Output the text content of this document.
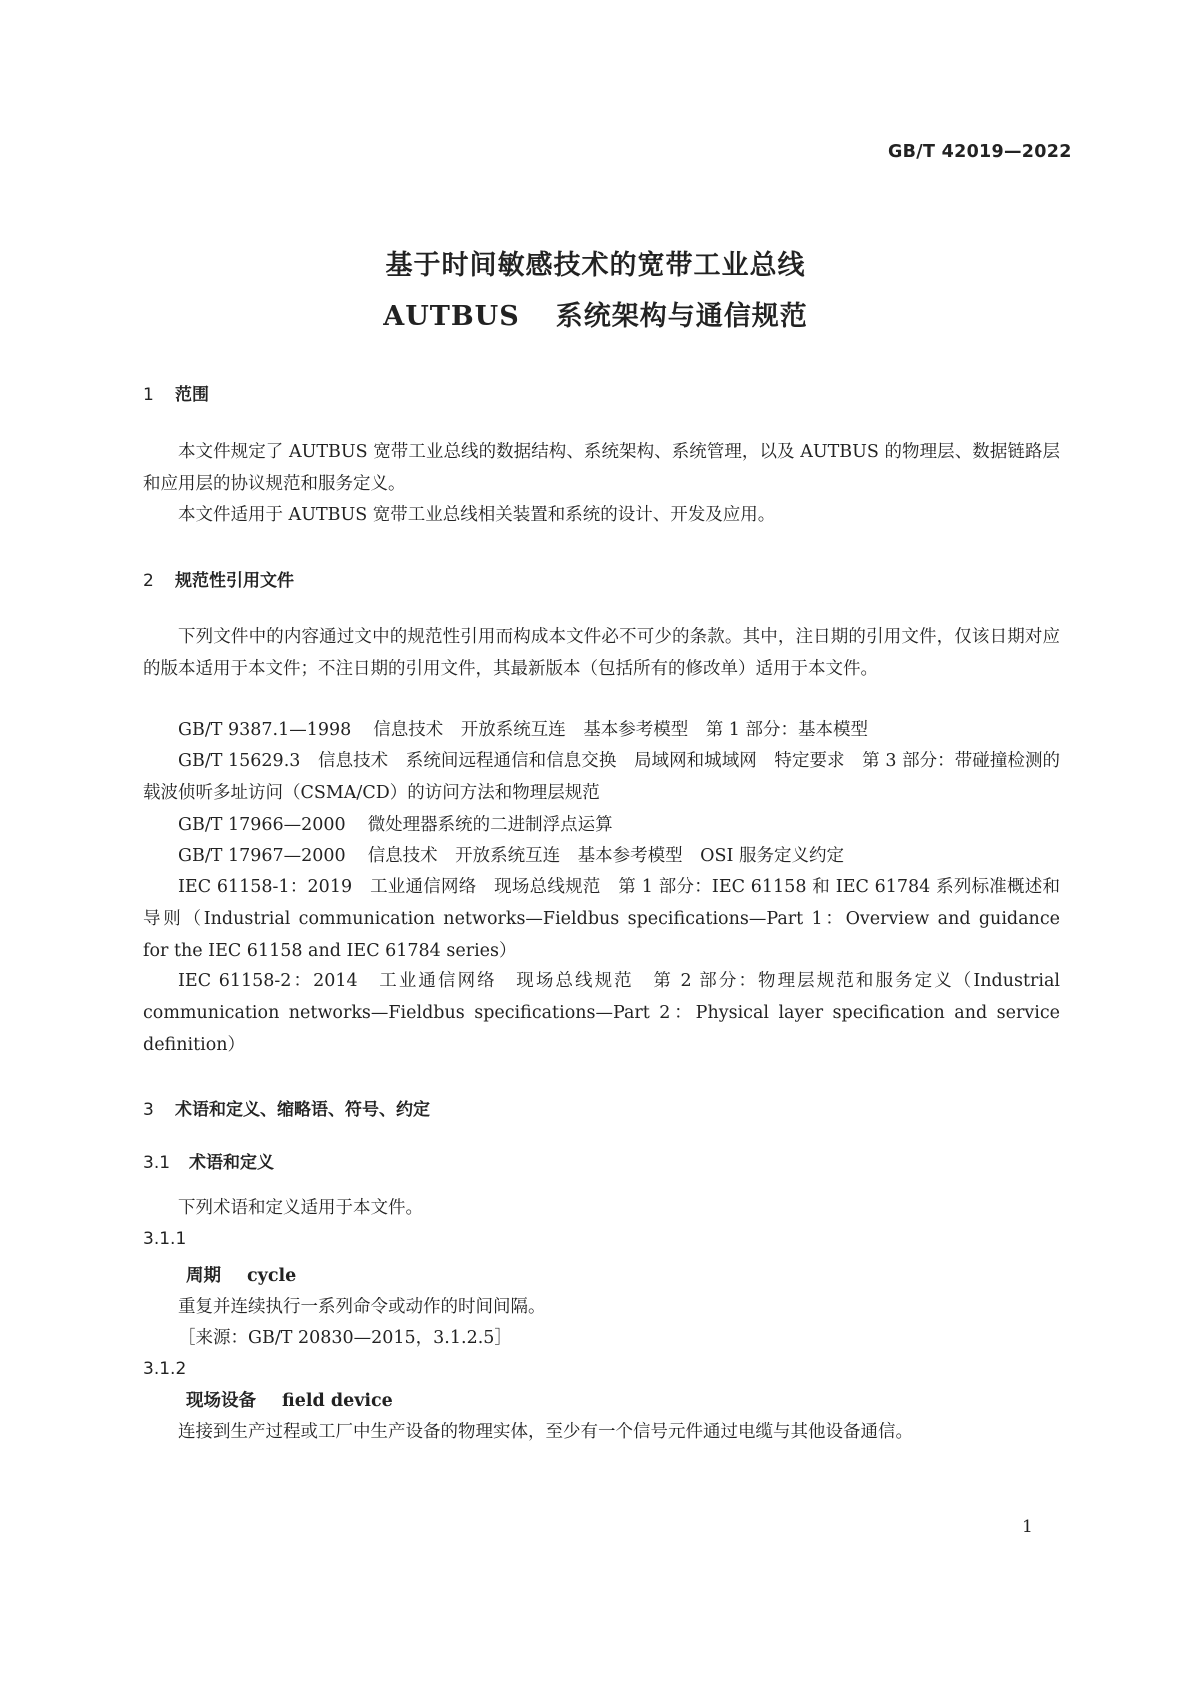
GB/T 42019—2022
基于时间敏感技术的宽带工业总线
AUTBUS 系统架构与通信规范
1 范围
本文件规定了 AUTBUS 宽带工业总线的数据结构、系统架构、系统管理，以及 AUTBUS 的物理层、数据链路层和应用层的协议规范和服务定义。
本文件适用于 AUTBUS 宽带工业总线相关装置和系统的设计、开发及应用。
2 规范性引用文件
下列文件中的内容通过文中的规范性引用而构成本文件必不可少的条款。其中，注日期的引用文件，仅该日期对应的版本适用于本文件；不注日期的引用文件，其最新版本（包括所有的修改单）适用于本文件。
GB/T 9387.1—1998 信息技术　开放系统互连　基本参考模型　第 1 部分：基本模型
GB/T 15629.3　 信息技术　系统间远程通信和信息交换　局域网和城域网　特定要求　第 3 部分：带碰撞检测的载波侦听多址访问（CSMA/CD）的访问方法和物理层规范
GB/T 17966—2000 微处理器系统的二进制浮点运算
GB/T 17967—2000 信息技术　开放系统互连　基本参考模型　OSI 服务定义约定
IEC 61158-1：2019　 工业通信网络　现场总线规范　第 1 部分：IEC 61158 和 IEC 61784 系列标准概述和导则（Industrial communication networks—Fieldbus specifications—Part 1：Overview and guidance for the IEC 61158 and IEC 61784 series）
IEC 61158-2：2014　 工业通信网络　现场总线规范　第 2 部分：物理层规范和服务定义（Industrial communication networks—Fieldbus specifications—Part 2：Physical layer specification and service definition）
3 术语和定义、缩略语、符号、约定
3.1 术语和定义
下列术语和定义适用于本文件。
3.1.1
周期 cycle
重复并连续执行一系列命令或动作的时间间隔。
［来源：GB/T 20830—2015，3.1.2.5］
3.1.2
现场设备 field device
连接到生产过程或工厂中生产设备的物理实体，至少有一个信号元件通过电缆与其他设备通信。
1
